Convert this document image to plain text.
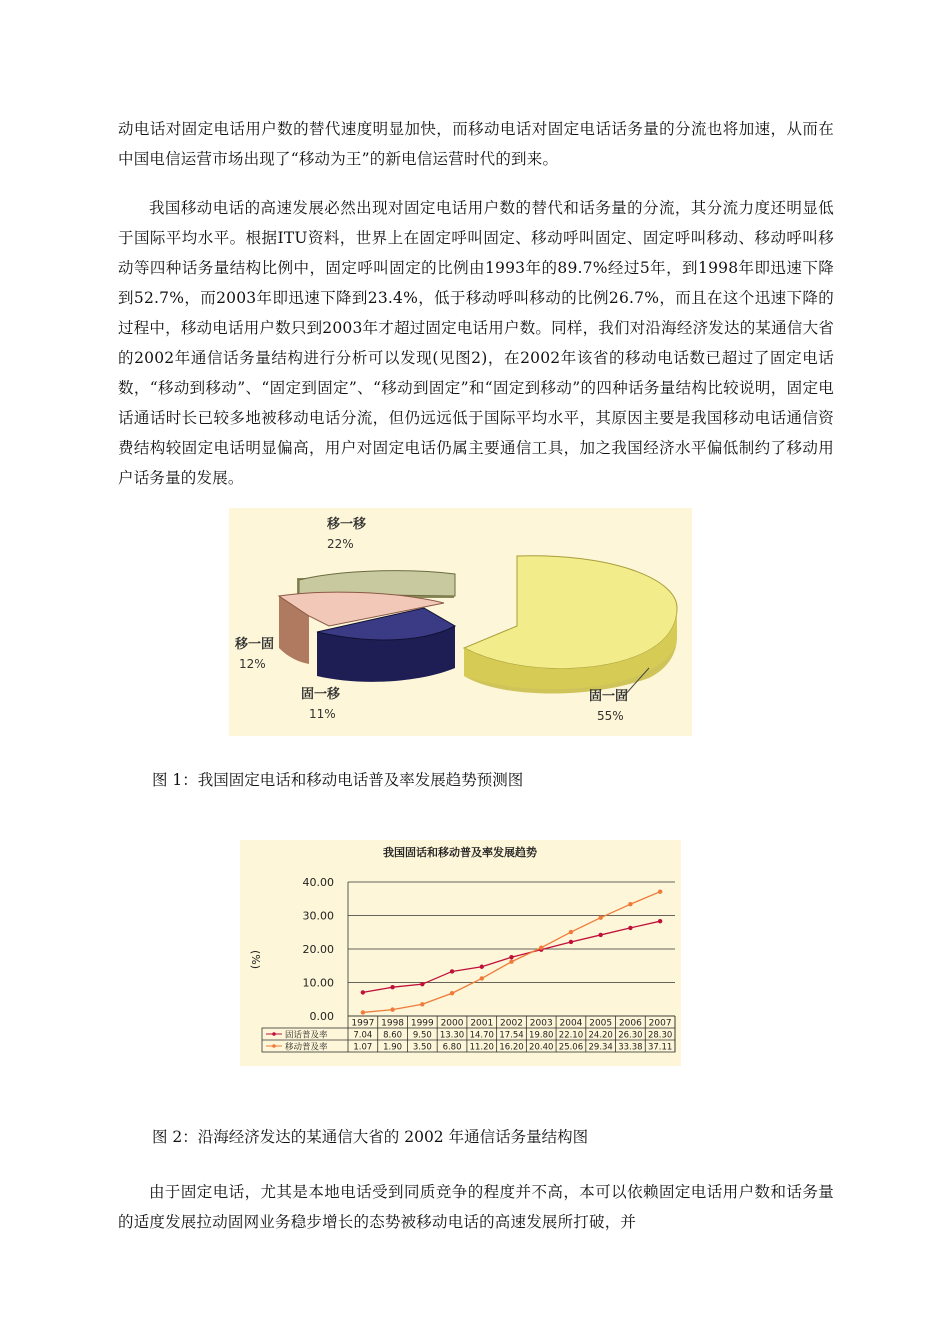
动电话对固定电话用户数的替代速度明显加快，而移动电话对固定电话话务量的分流也将加速，从而在中国电信运营市场出现了“移动为王”的新电信运营时代的到来。
我国移动电话的高速发展必然出现对固定电话用户数的替代和话务量的分流，其分流力度还明显低于国际平均水平。根据ITU资料，世界上在固定呼叫固定、移动呼叫固定、固定呼叫移动、移动呼叫移动等四种话务量结构比例中，固定呼叫固定的比例由1993年的89.7%经过5年，到1998年即迅速下降到52.7%，而2003年即迅速下降到23.4%，低于移动呼叫移动的比例26.7%，而且在这个迅速下降的过程中，移动电话用户数只到2003年才超过固定电话用户数。同样，我们对沿海经济发达的某通信大省的2002年通信话务量结构进行分析可以发现(见图2)，在2002年该省的移动电话数已超过了固定电话数，“移动到移动”、“固定到固定”、“移动到固定”和“固定到移动”的四种话务量结构比较说明，固定电话通话时长已较多地被移动电话分流，但仍远远低于国际平均水平，其原因主要是我国移动电话通信资费结构较固定电话明显偏高，用户对固定电话仍属主要通信工具，加之我国经济水平偏低制约了移动用户话务量的发展。
移一移
22%
移一固
12%
固一移
11%
固一固
55%
图 1：我国固定电话和移动电话普及率发展趋势预测图
我国固话和移动普及率发展趋势
(%)
0.00
10.00
20.00
30.00
40.00
1997 1998 1999 2000 2001 2002 2003 2004 2005 2006 2007
固话普及率	7.04 8.60 9.50 13.30 14.70 17.54 19.80 22.10 24.20 26.30 28.30
移动普及率	1.07 1.90 3.50 6.80 11.20 16.20 20.40 25.06 29.34 33.38 37.11
图 2：沿海经济发达的某通信大省的 2002 年通信话务量结构图
由于固定电话，尤其是本地电话受到同质竞争的程度并不高，本可以依赖固定电话用户数和话务量的适度发展拉动固网业务稳步增长的态势被移动电话的高速发展所打破，并
